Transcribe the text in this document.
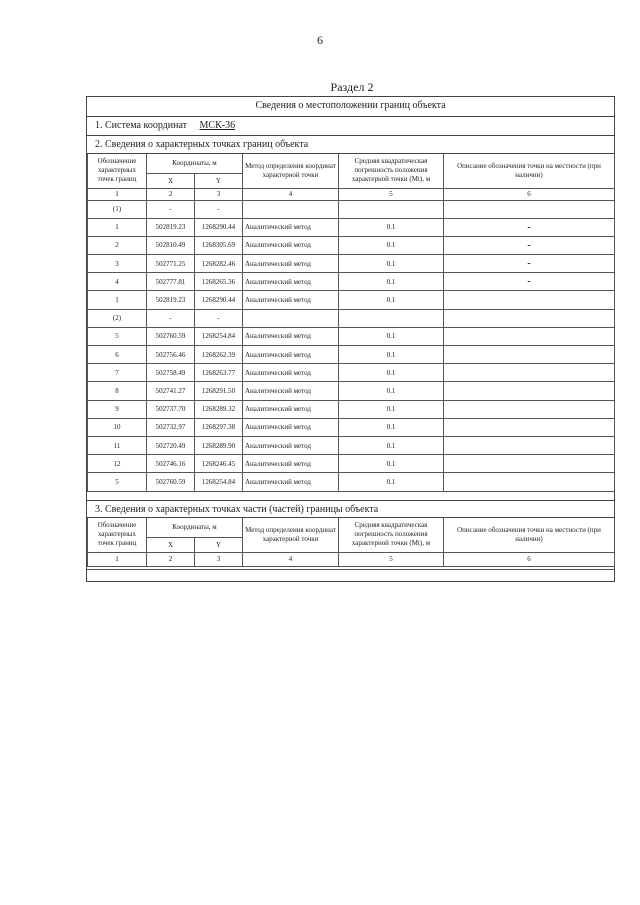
6
Раздел 2
Сведения о местоположении границ объекта
1. Система координат МСК-36
2. Сведения о характерных точках границ объекта
Обозначение характерных точек границ	Координаты, м		Метод определения координат характерной точки	Средняя квадратическая погрешность положения характерной точки (Mt), м	Описание обозначения точки на местности (при наличии)
	X	Y			
1	2	3	4	5	6
(1)	-	-			
1	502819.23	1268290.44	Аналитический метод	0.1	-
2	502810.49	1268305.69	Аналитический метод	0.1	-
3	502771.25	1268282.46	Аналитический метод	0.1	-
4	502777.81	1268265.36	Аналитический метод	0.1	-
1	502819.23	1268290.44	Аналитический метод	0.1	
(2)	-	-			
5	502760.59	1268254.84	Аналитический метод	0.1	
6	502756.46	1268262.39	Аналитический метод	0.1	
7	502758.49	1268263.77	Аналитический метод	0.1	
8	502741.27	1268291.50	Аналитический метод	0.1	
9	502737.70	1268289.32	Аналитический метод	0.1	
10	502732.97	1268297.38	Аналитический метод	0.1	
11	502720.49	1268289.90	Аналитический метод	0.1	
12	502746.16	1268246.45	Аналитический метод	0.1	
5	502760.59	1268254.84	Аналитический метод	0.1	
3. Сведения о характерных точках части (частей) границы объекта
Обозначение характерных точек границ	Координаты, м		Метод определения координат характерной точки	Средняя квадратическая погрешность положения характерной точки (Mt), м	Описание обозначения точки на местности (при наличии)
	X	Y			
1	2	3	4	5	6
